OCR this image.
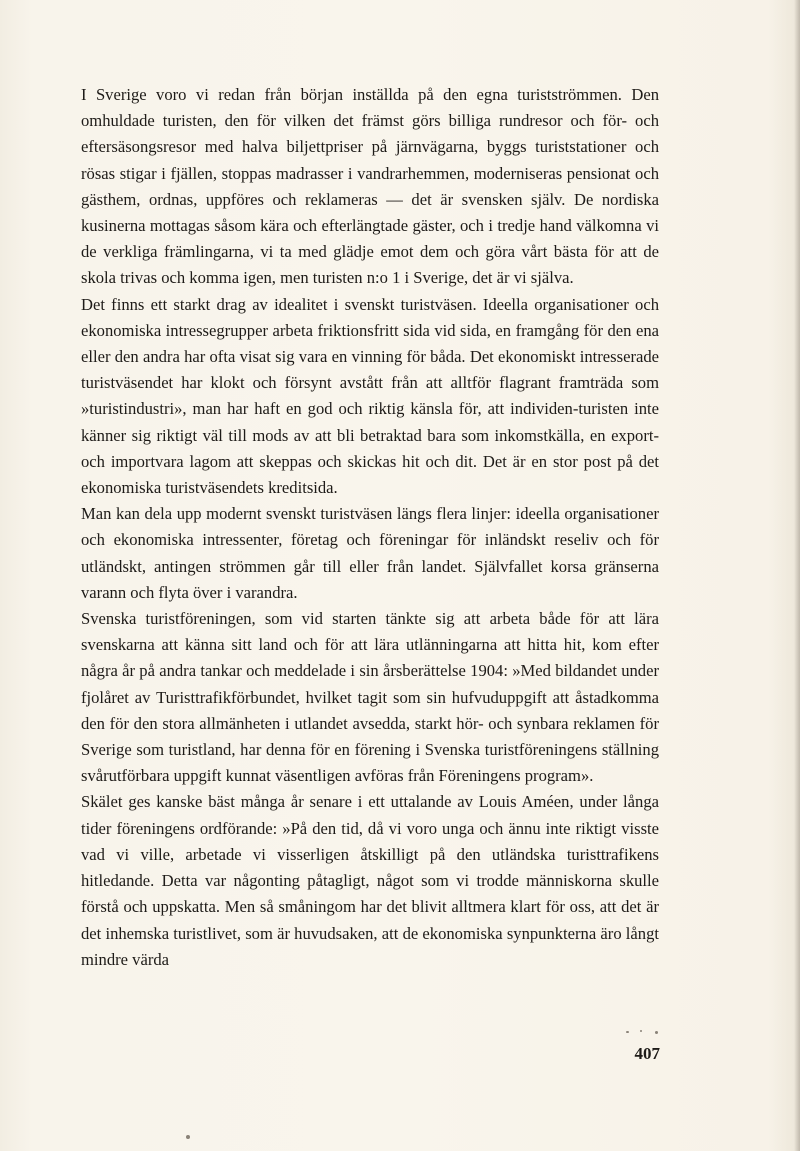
I Sverige voro vi redan från början inställda på den egna turistströmmen. Den omhuldade turisten, den för vilken det främst görs billiga rundresor och för- och eftersäsongsresor med halva biljettpriser på järnvägarna, byggs turiststationer och rösas stigar i fjällen, stoppas madrasser i vandrarhemmen, moderniseras pensionat och gästhem, ordnas, uppföres och reklameras — det är svensken själv. De nordiska kusinerna mottagas såsom kära och efterlängtade gäster, och i tredje hand välkomna vi de verkliga främlingarna, vi ta med glädje emot dem och göra vårt bästa för att de skola trivas och komma igen, men turisten n:o 1 i Sverige, det är vi själva.

Det finns ett starkt drag av idealitet i svenskt turistväsen. Ideella organisationer och ekonomiska intressegrupper arbeta friktionsfritt sida vid sida, en framgång för den ena eller den andra har ofta visat sig vara en vinning för båda. Det ekonomiskt intresserade turistväsendet har klokt och försynt avstått från att alltför flagrant framträda som »turistindustri», man har haft en god och riktig känsla för, att individen-turisten inte känner sig riktigt väl till mods av att bli betraktad bara som inkomstkälla, en export- och importvara lagom att skeppas och skickas hit och dit. Det är en stor post på det ekonomiska turistväsendets kreditsida.

Man kan dela upp modernt svenskt turistväsen längs flera linjer: ideella organisationer och ekonomiska intressenter, företag och föreningar för inländskt reseliv och för utländskt, antingen strömmen går till eller från landet. Självfallet korsa gränserna varann och flyta över i varandra.

Svenska turistföreningen, som vid starten tänkte sig att arbeta både för att lära svenskarna att känna sitt land och för att lära utlänningarna att hitta hit, kom efter några år på andra tankar och meddelade i sin årsberättelse 1904: »Med bildandet under fjolåret av Turisttrafikförbundet, hvilket tagit som sin hufvuduppgift att åstadkomma den för den stora allmänheten i utlandet avsedda, starkt hör- och synbara reklamen för Sverige som turistland, har denna för en förening i Svenska turistföreningens ställning svårutförbara uppgift kunnat väsentligen avföras från Föreningens program».

Skälet ges kanske bäst många år senare i ett uttalande av Louis Améen, under långa tider föreningens ordförande: »På den tid, då vi voro unga och ännu inte riktigt visste vad vi ville, arbetade vi visserligen åtskilligt på den utländska turisttrafikens hitledande. Detta var någonting påtagligt, något som vi trodde människorna skulle förstå och uppskatta. Men så småningom har det blivit alltmera klart för oss, att det är det inhemska turistlivet, som är huvudsaken, att de ekonomiska synpunkterna äro långt mindre värda

407
